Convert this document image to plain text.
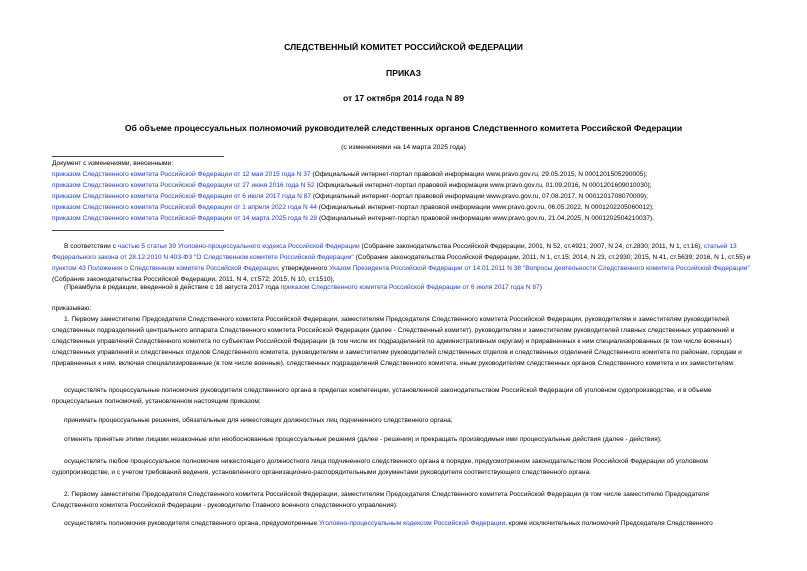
СЛЕДСТВЕННЫЙ КОМИТЕТ РОССИЙСКОЙ ФЕДЕРАЦИИ
ПРИКАЗ
от 17 октября 2014 года N 89
Об объеме процессуальных полномочий руководителей следственных органов Следственного комитета Российской Федерации
(с изменениями на 14 марта 2025 года)
Документ с изменениями, внесенными:
приказом Следственного комитета Российской Федерации от 12 мая 2015 года N 37 (Официальный интернет-портал правовой информации www.pravo.gov.ru, 29.05.2015, N 0001201505290005);
приказом Следственного комитета Российской Федерации от 27 июня 2016 года N 52 (Официальный интернет-портал правовой информации www.pravo.gov.ru, 01.09.2016, N 0001201609010030);
приказом Следственного комитета Российской Федерации от 6 июля 2017 года N 87 (Официальный интернет-портал правовой информации www.pravo.gov.ru, 07.08.2017, N 0001201708070009);
приказом Следственного комитета Российской Федерации от 1 апреля 2022 года N 44 (Официальный интернет-портал правовой информации www.pravo.gov.ru, 06.05.2022, N 0001202205060012);
приказом Следственного комитета Российской Федерации от 14 марта 2025 года N 28 (Официальный интернет-портал правовой информации www.pravo.gov.ru, 21.04.2025, N 0001202504210037).
В соответствии с частью 5 статьи 39 Уголовно-процессуального кодекса Российской Федерации (Собрание законодательства Российской Федерации, 2001, N 52, ст.4921; 2007, N 24, ст.2830; 2011, N 1, ст.16), статьей 13 Федерального закона от 28.12.2010 N 403-ФЗ "О Следственном комитете Российской Федерации" (Собрание законодательства Российской Федерации, 2011, N 1, ст.15; 2014, N 23, ст.2930; 2015, N 41, ст.5639; 2016, N 1, ст.55) и пунктом 43 Положения о Следственном комитете Российской Федерации, утвержденного Указом Президента Российской Федерации от 14.01.2011 N 38 "Вопросы деятельности Следственного комитета Российской Федерации" (Собрание законодательства Российской Федерации, 2011, N 4, ст.572; 2015, N 10, ст.1510),
(Преамбула в редакции, введенной в действие с 18 августа 2017 года приказом Следственного комитета Российской Федерации от 6 июля 2017 года N 87)
приказываю:
1. Первому заместителю Председателя Следственного комитета Российской Федерации, заместителям Председателя Следственного комитета Российской Федерации, руководителям и заместителям руководителей следственных подразделений центрального аппарата Следственного комитета Российской Федерации (далее - Следственный комитет), руководителям и заместителям руководителей главных следственных управлений и следственных управлений Следственного комитета по субъектам Российской Федерации (в том числе их подразделений по административным округам) и приравненных к ним специализированных (в том числе военных) следственных управлений и следственных отделов Следственного комитета, руководителям и заместителям руководителей следственных отделов и следственных отделений Следственного комитета по районам, городам и приравненных к ним, включая специализированные (в том числе военные), следственных подразделений Следственного комитета, иным руководителям следственных органов Следственного комитета и их заместителям:
осуществлять процессуальные полномочия руководителя следственного органа в пределах компетенции, установленной законодательством Российской Федерации об уголовном судопроизводстве, и в объеме процессуальных полномочий, установленном настоящим приказом;
принимать процессуальные решения, обязательные для нижестоящих должностных лиц подчиненного следственного органа;
отменять принятые этими лицами незаконные или необоснованные процессуальные решения (далее - решения) и прекращать производимые ими процессуальные действия (далее - действия);
осуществлять любое процессуальное полномочие нижестоящего должностного лица подчиненного следственного органа в порядке, предусмотренном законодательством Российской Федерации об уголовном судопроизводстве, и с учетом требований ведения, установленного организационно-распорядительными документами руководителя соответствующего следственного органа.
2. Первому заместителю Председателя Следственного комитета Российской Федерации, заместителям Председателя Следственного комитета Российской Федерации (в том числе заместителю Председателя Следственного комитета Российской Федерации - руководителю Главного военного следственного управления):
осуществлять полномочия руководителя следственного органа, предусмотренные Уголовно-процессуальным кодексом Российской Федерации, кроме исключительных полномочий Председателя Следственного
